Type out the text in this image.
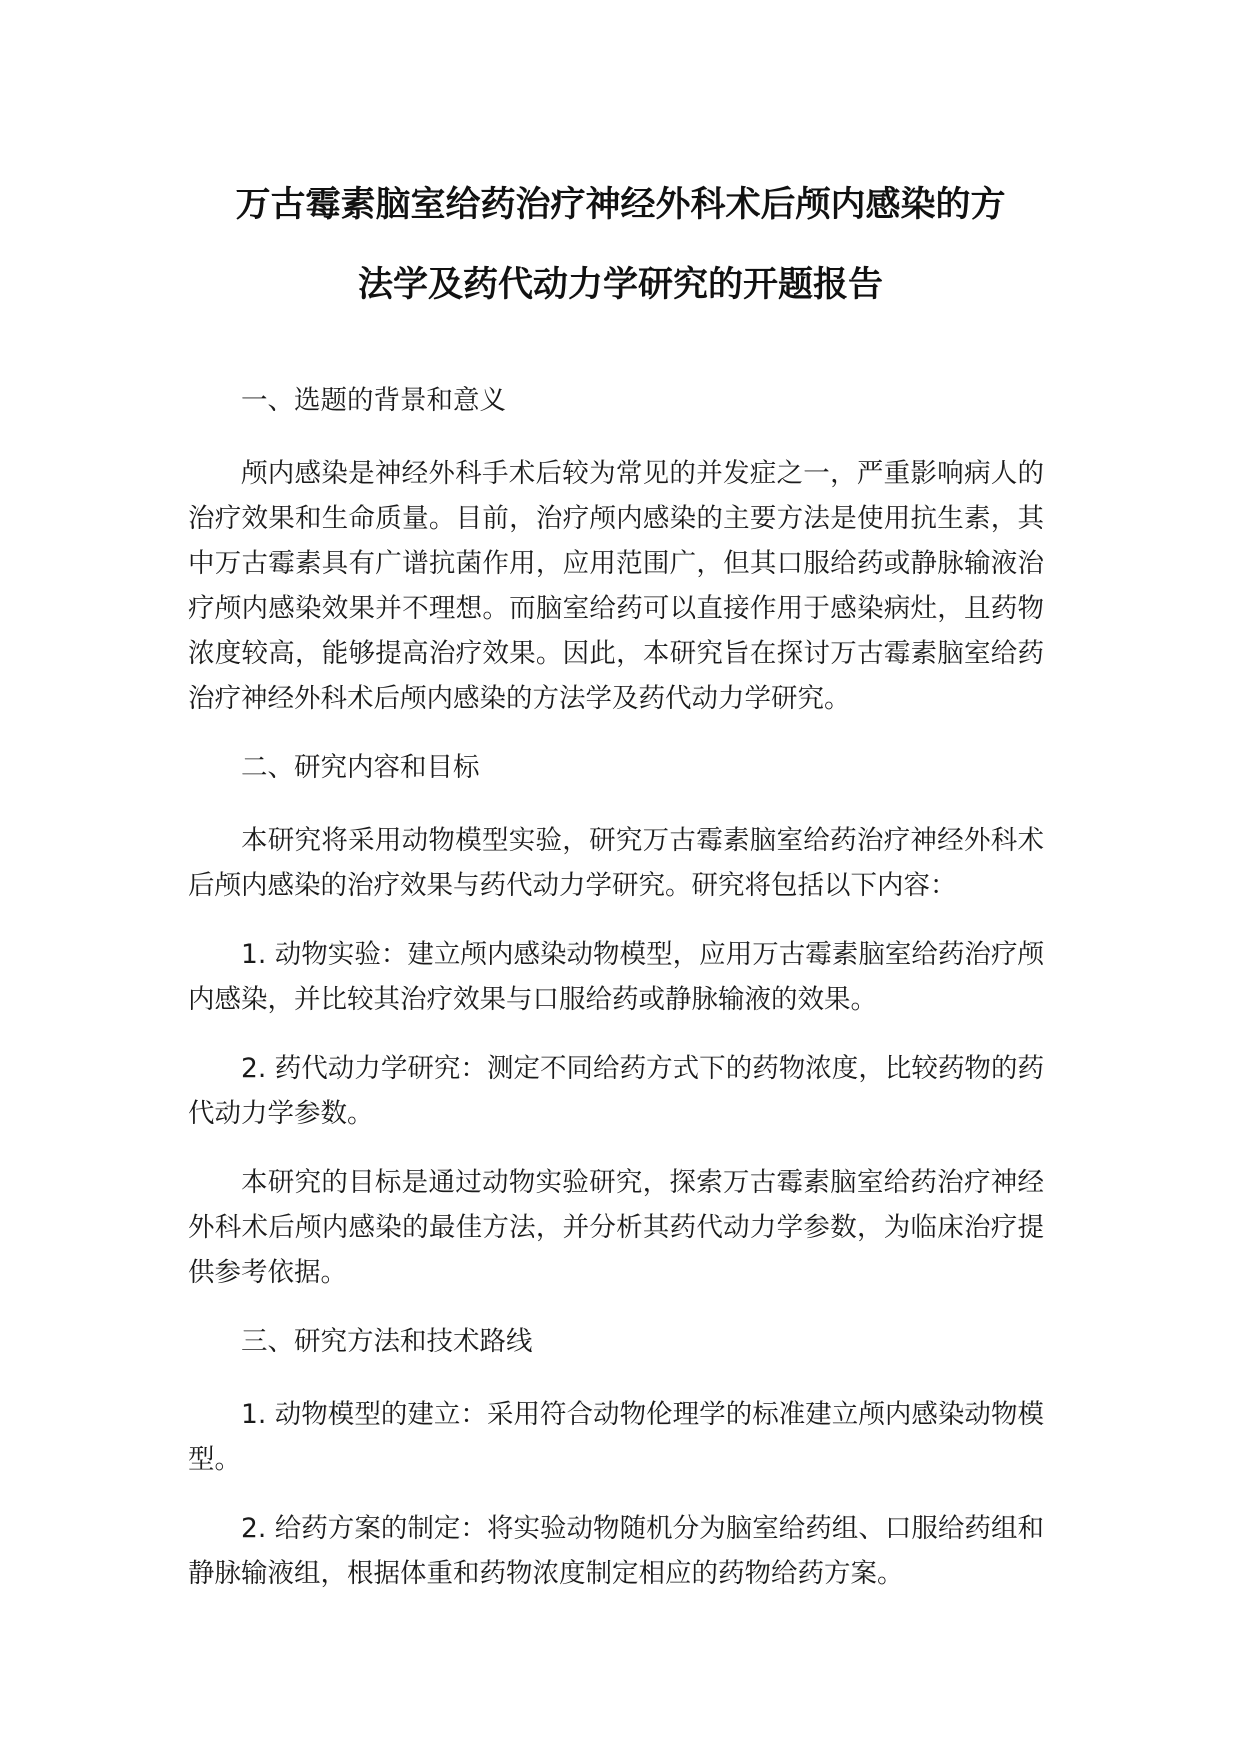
万古霉素脑室给药治疗神经外科术后颅内感染的方
法学及药代动力学研究的开题报告

一、选题的背景和意义

颅内感染是神经外科手术后较为常见的并发症之一，严重影响病人的治疗效果和生命质量。目前，治疗颅内感染的主要方法是使用抗生素，其中万古霉素具有广谱抗菌作用，应用范围广，但其口服给药或静脉输液治疗颅内感染效果并不理想。而脑室给药可以直接作用于感染病灶，且药物浓度较高，能够提高治疗效果。因此，本研究旨在探讨万古霉素脑室给药治疗神经外科术后颅内感染的方法学及药代动力学研究。

二、研究内容和目标

本研究将采用动物模型实验，研究万古霉素脑室给药治疗神经外科术后颅内感染的治疗效果与药代动力学研究。研究将包括以下内容：

1. 动物实验：建立颅内感染动物模型，应用万古霉素脑室给药治疗颅内感染，并比较其治疗效果与口服给药或静脉输液的效果。

2. 药代动力学研究：测定不同给药方式下的药物浓度，比较药物的药代动力学参数。

本研究的目标是通过动物实验研究，探索万古霉素脑室给药治疗神经外科术后颅内感染的最佳方法，并分析其药代动力学参数，为临床治疗提供参考依据。

三、研究方法和技术路线

1. 动物模型的建立：采用符合动物伦理学的标准建立颅内感染动物模型。

2. 给药方案的制定：将实验动物随机分为脑室给药组、口服给药组和静脉输液组，根据体重和药物浓度制定相应的药物给药方案。
